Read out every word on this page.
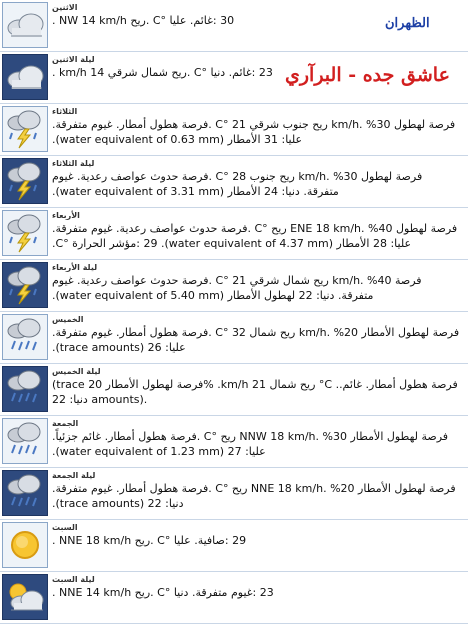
الاثنين
30 :غائم. عليا °C .ريح NW 14 km/h .
ليلة الاثنين
23 :غائم. دنيا °C .ريح شمال شرقي 14 km/h .
الثلاثاء
فرصة لهطول 30% .km/h ريح جنوب شرقي 21 °C .فرصة هطول أمطار. غيوم متفرقة. عليا: 31 الأمطار (water equivalent of 0.63 mm).
ليلة الثلاثاء
فرصة لهطول 30% .km/h ريح جنوب 28 °C .فرصة حدوث عواصف رعدية. غيوم متفرقة. دنيا: 24 الأمطار (water equivalent of 3.31 mm).
الأربعاء
فرصة لهطول 40% .ENE 18 km/h ريح °C .فرصة حدوث عواصف رعدية. غيوم متفرقة. عليا: 28 الأمطار (water equivalent of 4.37 mm). 29 :مؤشر الحرارة °C.
ليلة الأربعاء
فرصة 40% .km/h ريح شمال شرقي 21 °C .فرصة حدوث عواصف رعدية. غيوم متفرقة. دنيا: 22 لهطول الأمطار (water equivalent of 5.40 mm).
الخميس
فرصة لهطول الأمطار 20% .km/h ريح شمال 32 °C .فرصة هطول أمطار. غيوم متفرقة. عليا: 26 (trace amounts).
ليلة الخميس
(trace فرصة لهطول الأمطار 20% .km/h ريح شمال 21 °C .فرصة هطول أمطار. غائم. دنيا: 22 amounts).
الجمعة
فرصة لهطول الأمطار 30% .NNW 18 km/h ريح °C .فرصة هطول أمطار. غائم جزئياً. عليا: 27 (water equivalent of 1.23 mm).
ليلة الجمعة
فرصة لهطول الأمطار 20% .NNE 18 km/h ريح °C .فرصة هطول أمطار. غيوم متفرقة. دنيا: 22 (trace amounts).
السبت
29 :صافية. عليا °C .ريح NNE 18 km/h .
ليلة السبت
23 :غيوم متفرقة. دنيا °C .ريح NNE 14 km/h .
الظهران
عاشق جده - البرآري
